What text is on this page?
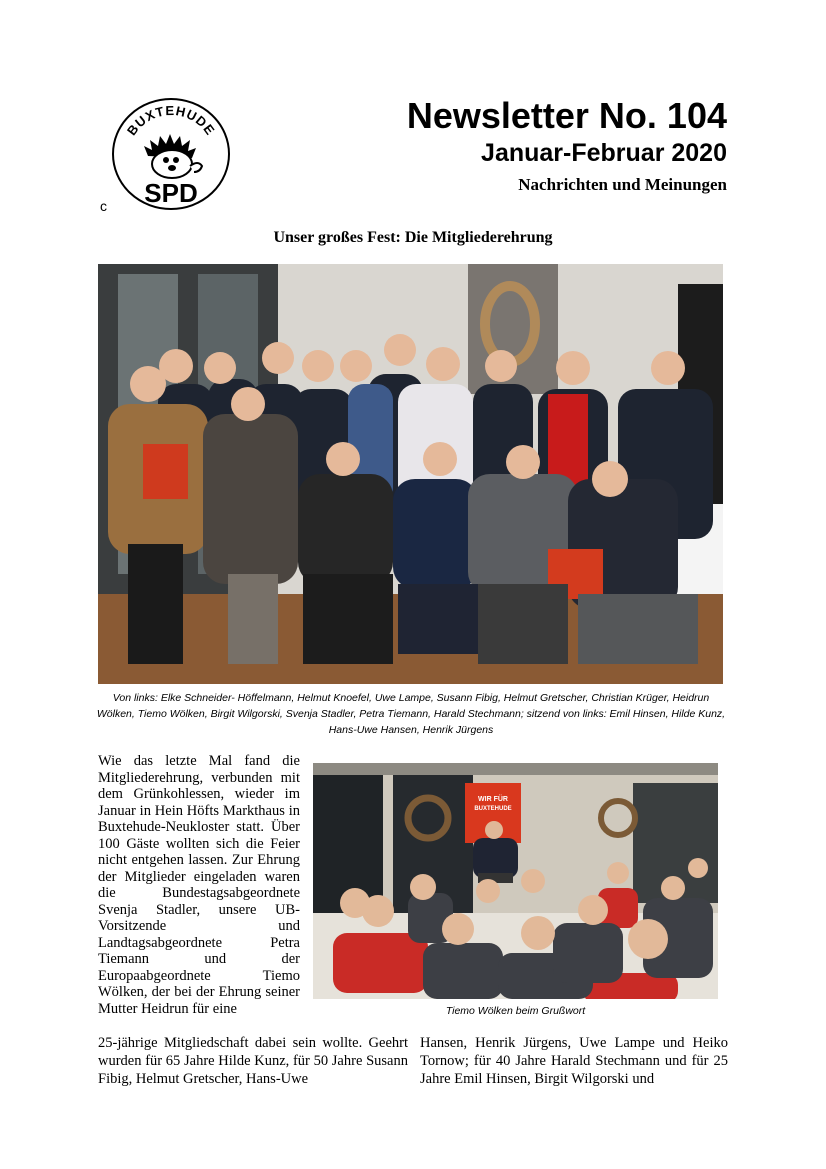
BUXTEHUDE
SPD
c
Newsletter No. 104
Januar-Februar 2020
Nachrichten und Meinungen
Unser großes Fest: Die Mitgliederehrung
Von links: Elke Schneider- Höffelmann, Helmut Knoefel, Uwe Lampe, Susann Fibig, Helmut Gretscher, Christian Krüger, Heidrun Wölken, Tiemo Wölken, Birgit Wilgorski, Svenja Stadler, Petra Tiemann, Harald Stechmann; sitzend von links: Emil Hinsen, Hilde Kunz, Hans-Uwe Hansen, Henrik Jürgens
Wie das letzte Mal fand die Mitgliederehrung, verbunden mit dem Grünkohlessen, wieder im Januar in Hein Höfts Markthaus in Buxtehude-Neukloster statt. Über 100 Gäste wollten sich die Feier nicht entgehen lassen. Zur Ehrung der Mitglieder eingeladen waren die Bundestagsabgeordnete Svenja Stadler, unsere UB-Vorsitzende und Landtagsabgeordnete Petra Tiemann und der Europaabgeordnete Tiemo Wölken, der bei der Ehrung seiner Mutter Heidrun für eine
WIR FÜR
BUXTEHUDE
Tiemo Wölken beim Grußwort
25-jährige Mitgliedschaft dabei sein wollte. Geehrt wurden für 65 Jahre Hilde Kunz, für 50 Jahre Susann Fibig, Helmut Gretscher, Hans-Uwe
Hansen, Henrik Jürgens, Uwe Lampe und Heiko Tornow; für 40 Jahre Harald Stechmann und für 25 Jahre Emil Hinsen, Birgit Wilgorski und
